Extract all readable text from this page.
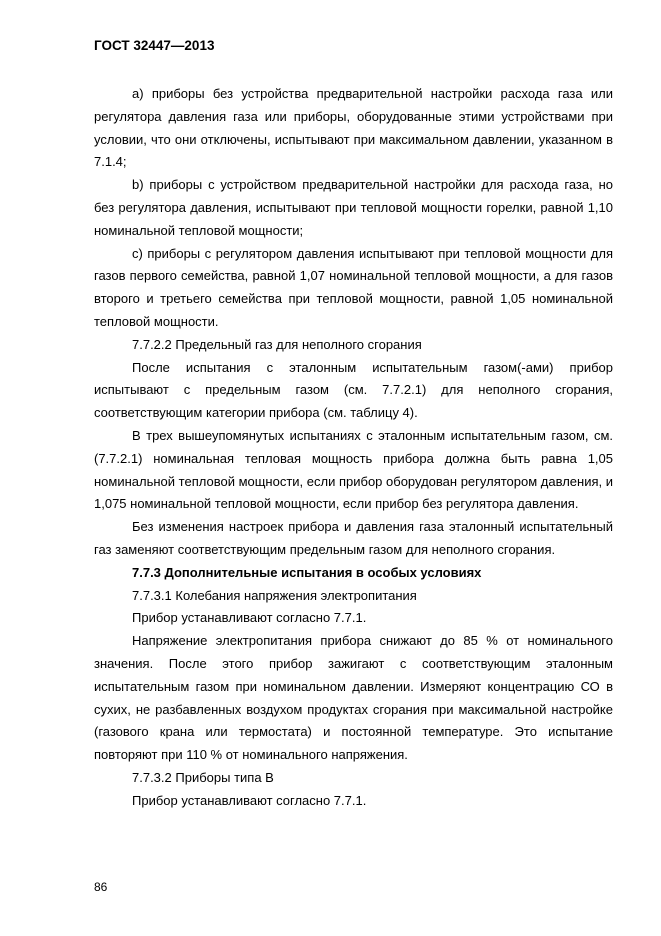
ГОСТ 32447—2013

а) приборы без устройства предварительной настройки расхода газа или регулятора давления газа или приборы, оборудованные этими устройствами при условии, что они отключены, испытывают при максимальном давлении, указанном в 7.1.4;

b) приборы с устройством предварительной настройки для расхода газа, но без регулятора давления, испытывают при тепловой мощности горелки, равной 1,10 номинальной тепловой мощности;

с) приборы с регулятором давления испытывают при тепловой мощности для газов первого семейства, равной 1,07 номинальной тепловой мощности, а для газов второго и третьего семейства при тепловой мощности, равной 1,05 номинальной тепловой мощности.

7.7.2.2 Предельный газ для неполного сгорания

После испытания с эталонным испытательным газом(-ами) прибор испытывают с предельным газом (см. 7.7.2.1) для неполного сгорания, соответствующим категории прибора (см. таблицу 4).

В трех вышеупомянутых испытаниях с эталонным испытательным газом, см. (7.7.2.1) номинальная тепловая мощность прибора должна быть равна 1,05 номинальной тепловой мощности, если прибор оборудован регулятором давления, и 1,075 номинальной тепловой мощности, если прибор без регулятора давления.

Без изменения настроек прибора и давления газа эталонный испытательный газ заменяют соответствующим предельным газом для неполного сгорания.

7.7.3 Дополнительные испытания в особых условиях

7.7.3.1 Колебания напряжения электропитания

Прибор устанавливают согласно 7.7.1.

Напряжение электропитания прибора снижают до 85 % от номинального значения. После этого прибор зажигают с соответствующим эталонным испытательным газом при номинальном давлении. Измеряют концентрацию СО в сухих, не разбавленных воздухом продуктах сгорания при максимальной настройке (газового крана или термостата) и постоянной температуре. Это испытание повторяют при 110 % от номинального напряжения.

7.7.3.2 Приборы типа В

Прибор устанавливают согласно 7.7.1.

86
